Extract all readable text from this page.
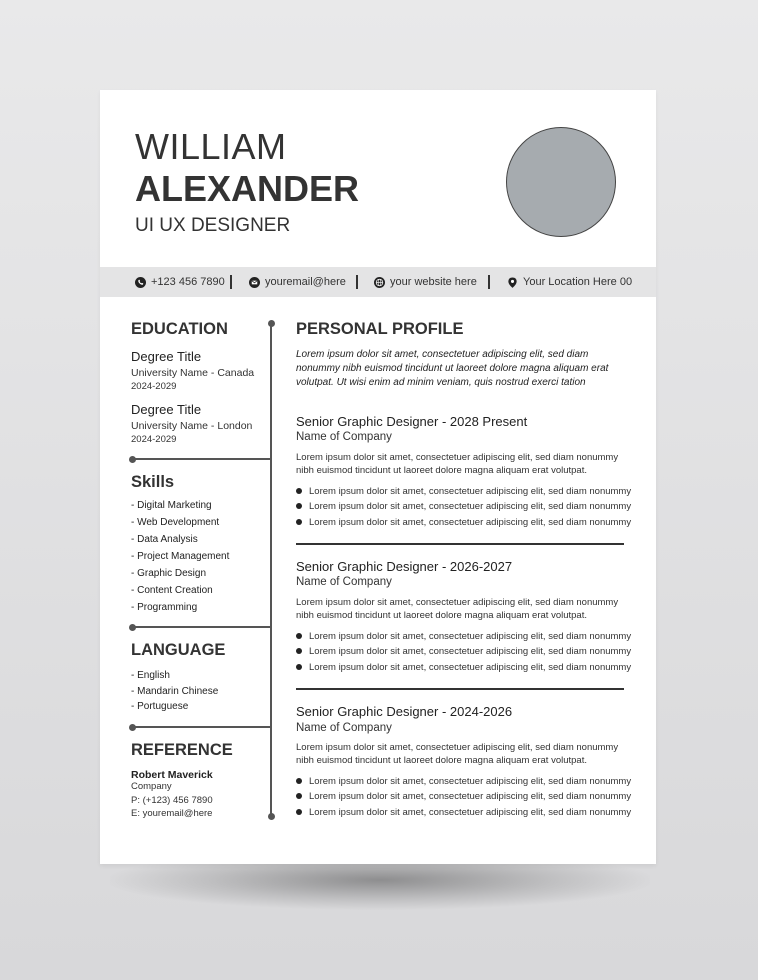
WILLIAM
ALEXANDER
UI UX DESIGNER
+123 456 7890	youremail@here	your website here	Your Location Here 00
EDUCATION
Degree Title
University Name - Canada
2024-2029
Degree Title
University Name - London
2024-2029
Skills
- Digital Marketing
- Web Development
- Data Analysis
- Project Management
- Graphic Design
- Content Creation
- Programming
LANGUAGE
- English
- Mandarin Chinese
- Portuguese
REFERENCE
Robert Maverick
Company
P: (+123) 456 7890
E: youremail@here
PERSONAL PROFILE
Lorem ipsum dolor sit amet, consectetuer adipiscing elit, sed diam nonummy nibh euismod tincidunt ut laoreet dolore magna aliquam erat volutpat. Ut wisi enim ad minim veniam, quis nostrud exerci tation
Senior Graphic Designer - 2028 Present
Name of Company
Lorem ipsum dolor sit amet, consectetuer adipiscing elit, sed diam nonummy nibh euismod tincidunt ut laoreet dolore magna aliquam erat volutpat.
Lorem ipsum dolor sit amet, consectetuer adipiscing elit, sed diam nonummy
Lorem ipsum dolor sit amet, consectetuer adipiscing elit, sed diam nonummy
Lorem ipsum dolor sit amet, consectetuer adipiscing elit, sed diam nonummy
Senior Graphic Designer - 2026-2027
Name of Company
Lorem ipsum dolor sit amet, consectetuer adipiscing elit, sed diam nonummy nibh euismod tincidunt ut laoreet dolore magna aliquam erat volutpat.
Lorem ipsum dolor sit amet, consectetuer adipiscing elit, sed diam nonummy
Lorem ipsum dolor sit amet, consectetuer adipiscing elit, sed diam nonummy
Lorem ipsum dolor sit amet, consectetuer adipiscing elit, sed diam nonummy
Senior Graphic Designer - 2024-2026
Name of Company
Lorem ipsum dolor sit amet, consectetuer adipiscing elit, sed diam nonummy nibh euismod tincidunt ut laoreet dolore magna aliquam erat volutpat.
Lorem ipsum dolor sit amet, consectetuer adipiscing elit, sed diam nonummy
Lorem ipsum dolor sit amet, consectetuer adipiscing elit, sed diam nonummy
Lorem ipsum dolor sit amet, consectetuer adipiscing elit, sed diam nonummy
